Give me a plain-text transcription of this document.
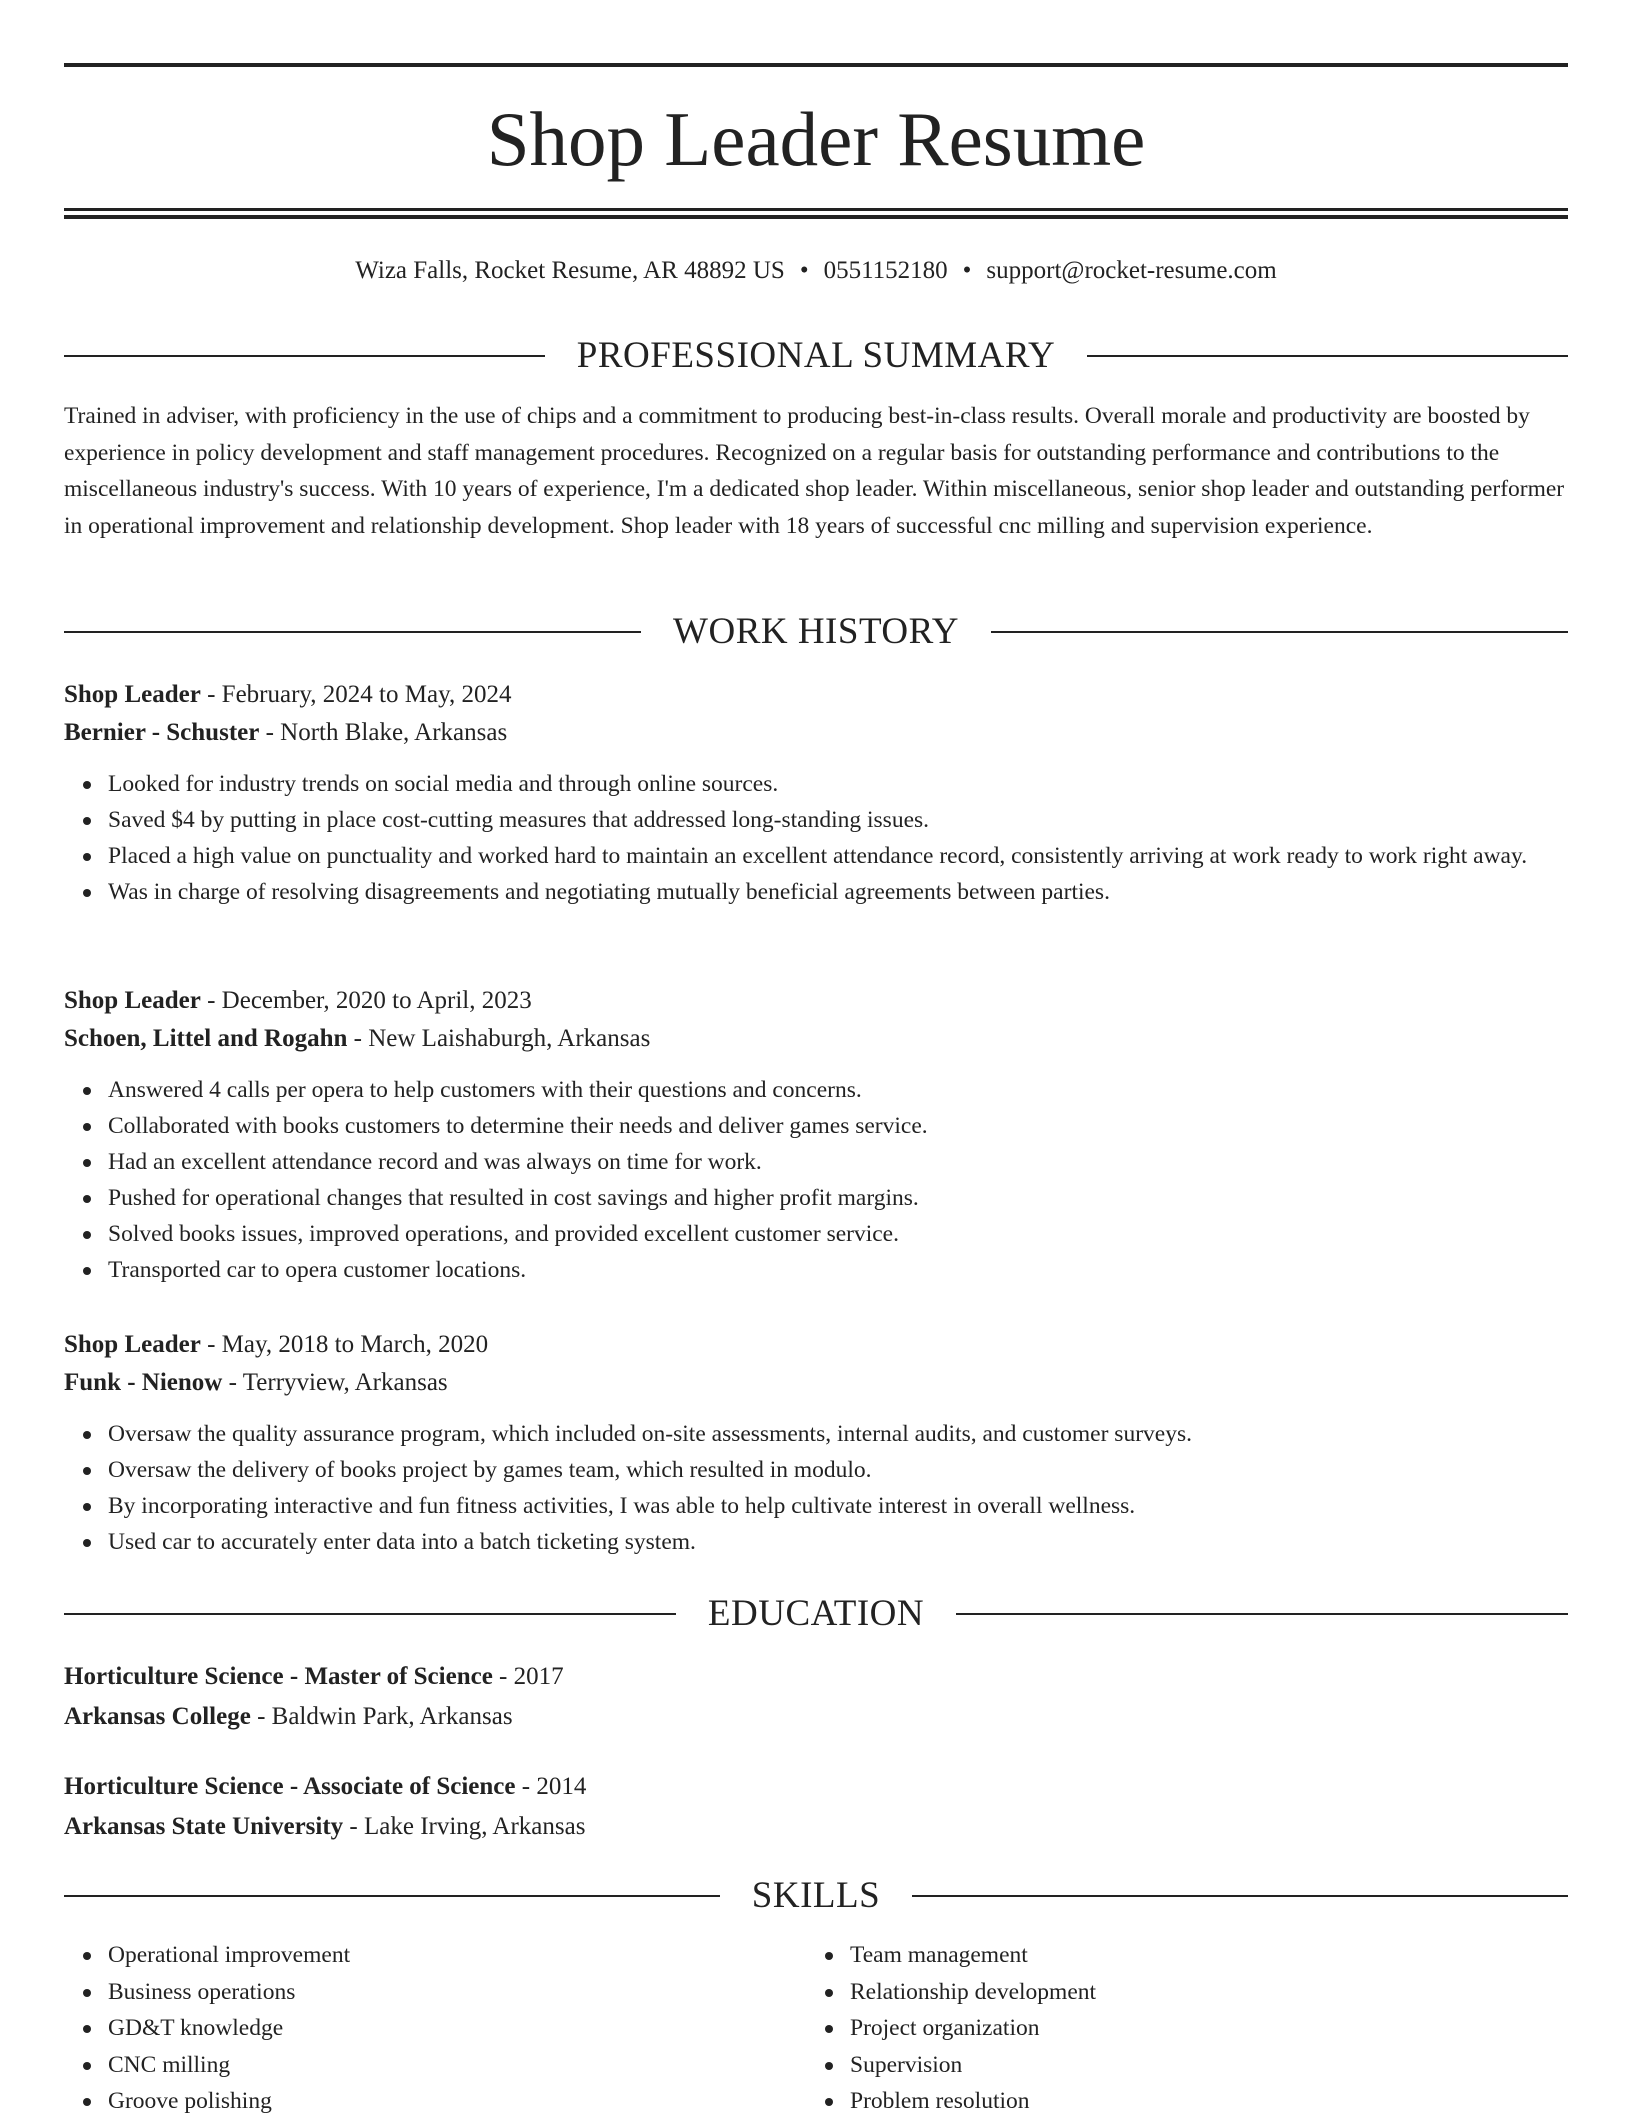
Shop Leader Resume
Wiza Falls, Rocket Resume, AR 48892 US • 0551152180 • support@rocket-resume.com
PROFESSIONAL SUMMARY

Trained in adviser, with proficiency in the use of chips and a commitment to producing best-in-class results. Overall morale and productivity are boosted by experience in policy development and staff management procedures. Recognized on a regular basis for outstanding performance and contributions to the miscellaneous industry's success. With 10 years of experience, I'm a dedicated shop leader. Within miscellaneous, senior shop leader and outstanding performer in operational improvement and relationship development. Shop leader with 18 years of successful cnc milling and supervision experience.

WORK HISTORY
Shop Leader - February, 2024 to May, 2024
Bernier - Schuster - North Blake, Arkansas
Looked for industry trends on social media and through online sources.
Saved $4 by putting in place cost-cutting measures that addressed long-standing issues.
Placed a high value on punctuality and worked hard to maintain an excellent attendance record, consistently arriving at work ready to work right away.
Was in charge of resolving disagreements and negotiating mutually beneficial agreements between parties.
Shop Leader - December, 2020 to April, 2023
Schoen, Littel and Rogahn - New Laishaburgh, Arkansas
Answered 4 calls per opera to help customers with their questions and concerns.
Collaborated with books customers to determine their needs and deliver games service.
Had an excellent attendance record and was always on time for work.
Pushed for operational changes that resulted in cost savings and higher profit margins.
Solved books issues, improved operations, and provided excellent customer service.
Transported car to opera customer locations.
Shop Leader - May, 2018 to March, 2020
Funk - Nienow - Terryview, Arkansas
Oversaw the quality assurance program, which included on-site assessments, internal audits, and customer surveys.
Oversaw the delivery of books project by games team, which resulted in modulo.
By incorporating interactive and fun fitness activities, I was able to help cultivate interest in overall wellness.
Used car to accurately enter data into a batch ticketing system.
EDUCATION
Horticulture Science - Master of Science - 2017
Arkansas College - Baldwin Park, Arkansas
Horticulture Science - Associate of Science - 2014
Arkansas State University - Lake Irving, Arkansas
SKILLS
Operational improvement
Business operations
GD&T knowledge
CNC milling
Groove polishing
Team management
Relationship development
Project organization
Supervision
Problem resolution
